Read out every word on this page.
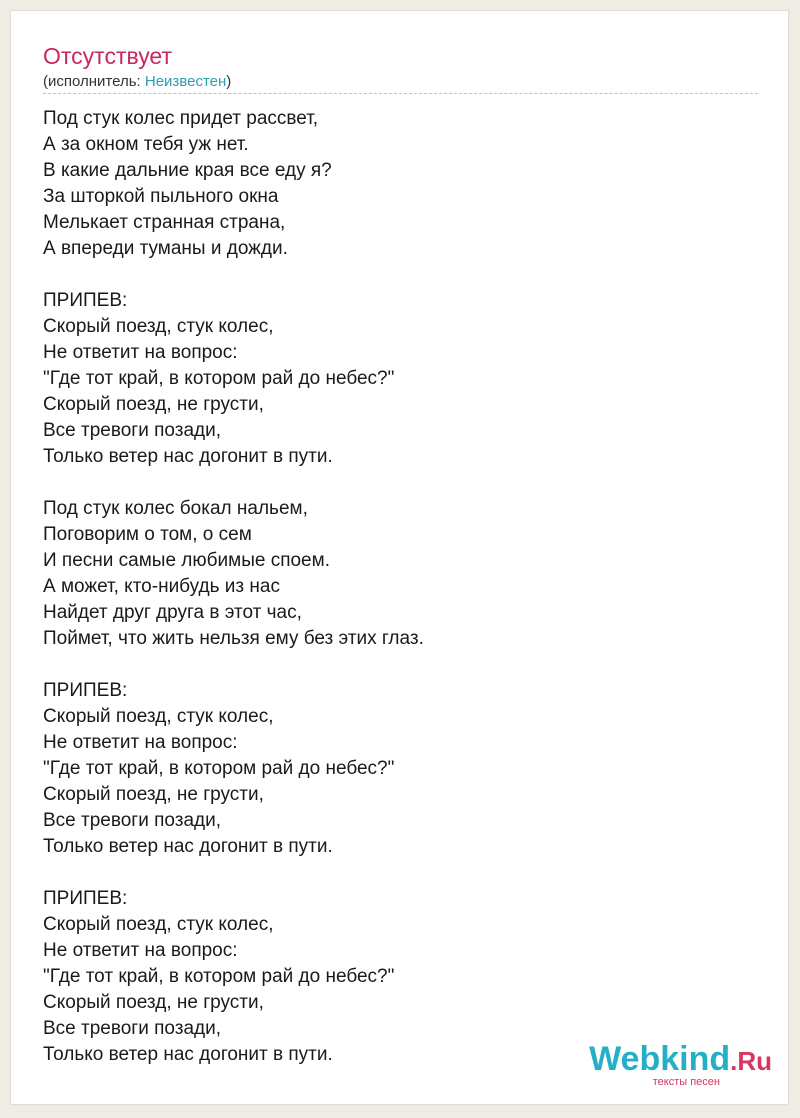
Отсутствует
(исполнитель: Неизвестен)
Под стук колес придет рассвет,
А за окном тебя уж нет.
В какие дальние края все еду я?
За шторкой пыльного окна
Мелькает странная страна,
А впереди туманы и дожди.
ПРИПЕВ:
Скорый поезд, стук колес,
Не ответит на вопрос:
"Где тот край, в котором рай до небес?"
Скорый поезд, не грусти,
Все тревоги позади,
Только ветер нас догонит в пути.
Под стук колес бокал нальем,
Поговорим о том, о сем
И песни самые любимые споем.
А может, кто-нибудь из нас
Найдет друг друга в этот час,
Поймет, что жить нельзя ему без этих глаз.
ПРИПЕВ:
Скорый поезд, стук колес,
Не ответит на вопрос:
"Где тот край, в котором рай до небес?"
Скорый поезд, не грусти,
Все тревоги позади,
Только ветер нас догонит в пути.
ПРИПЕВ:
Скорый поезд, стук колес,
Не ответит на вопрос:
"Где тот край, в котором рай до небес?"
Скорый поезд, не грусти,
Все тревоги позади,
Только ветер нас догонит в пути.	Webkind.Ru
тексты песен
